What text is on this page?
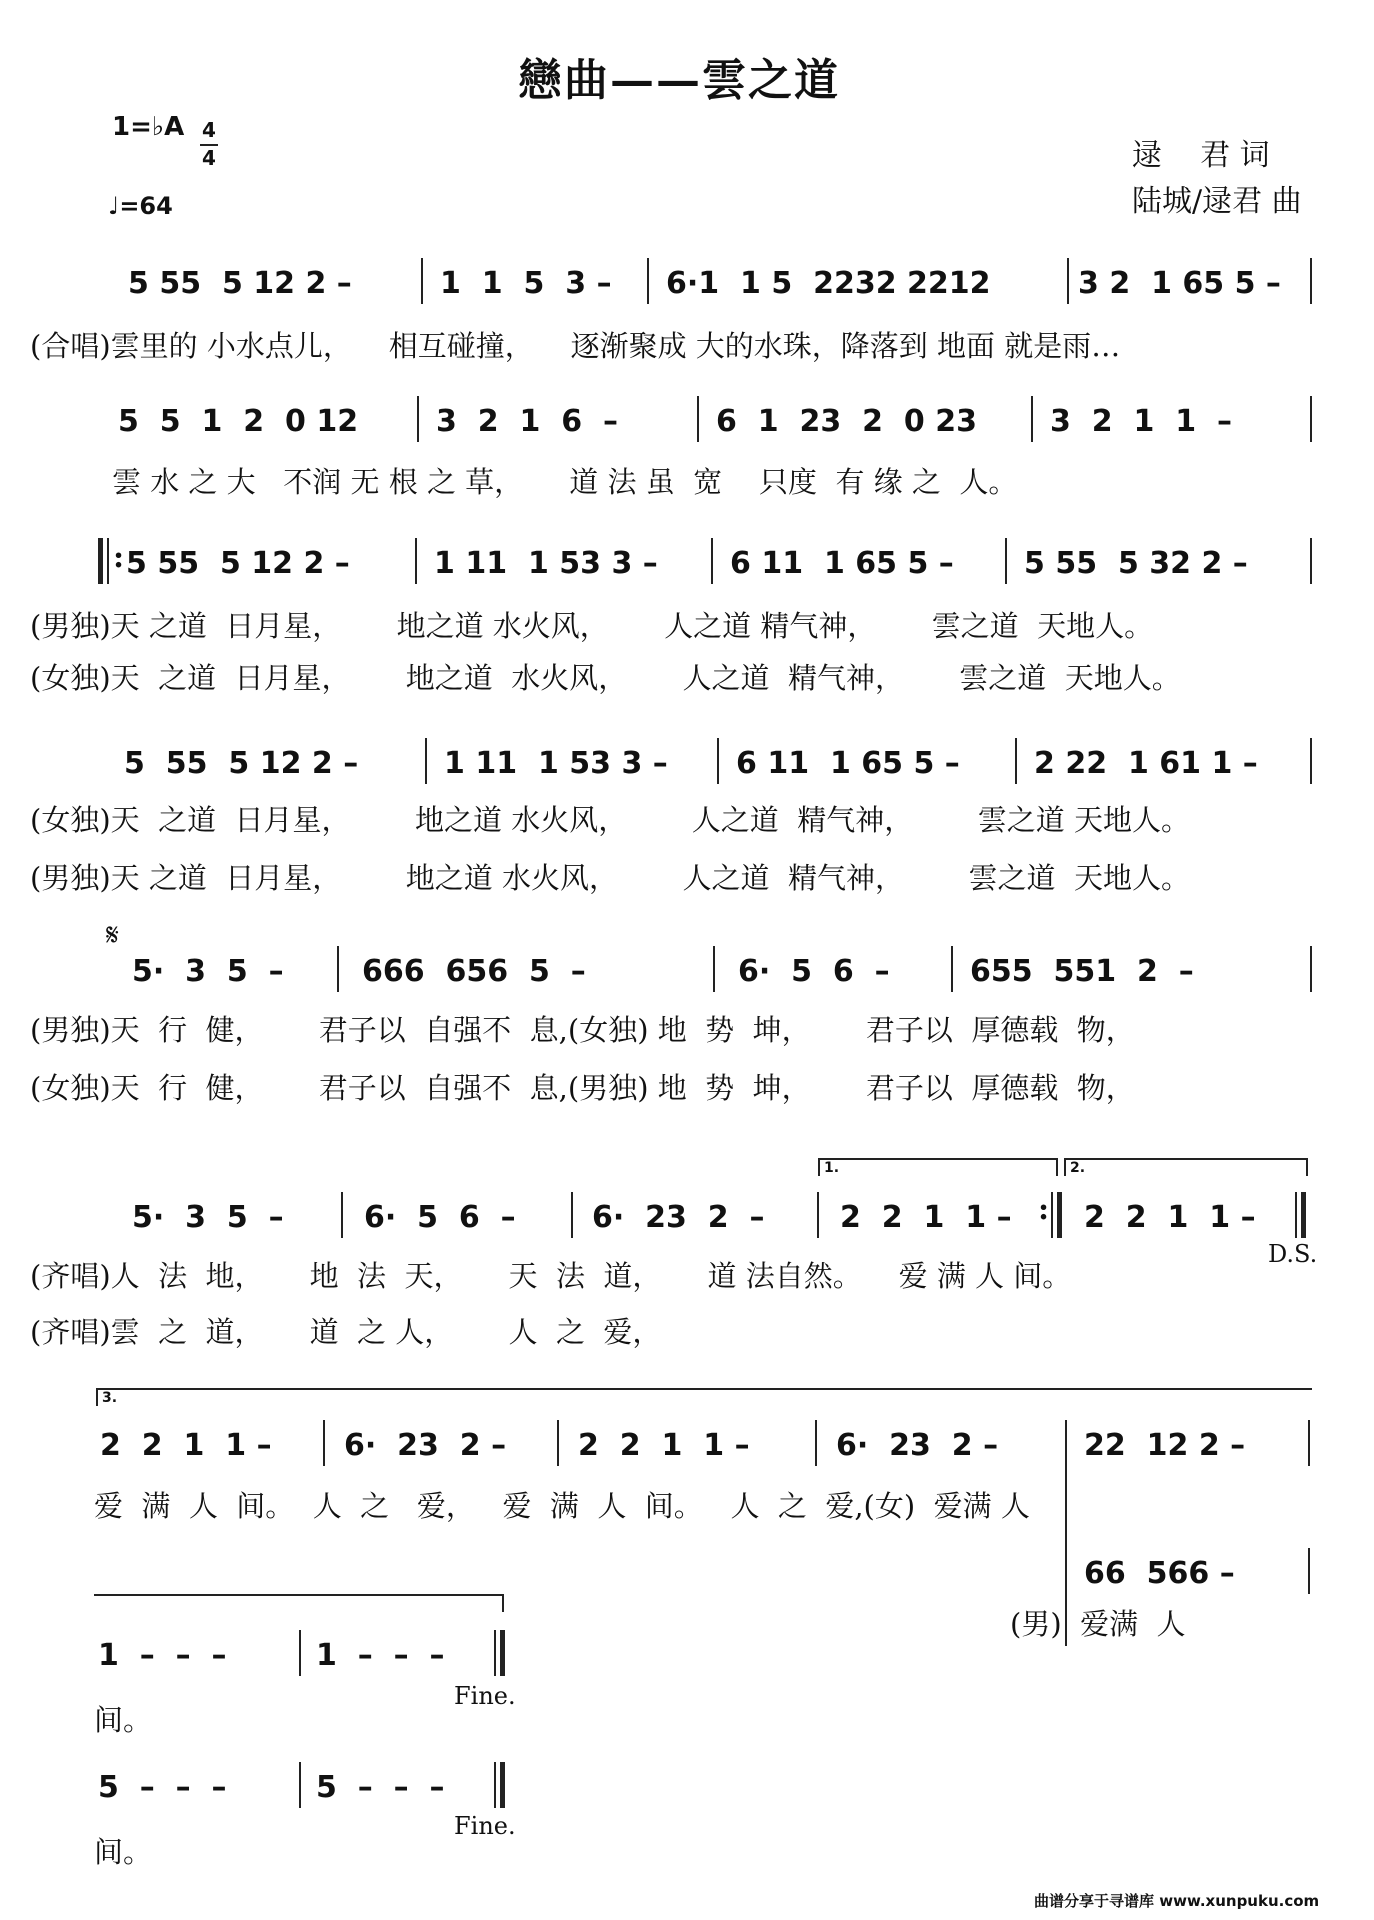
戀曲——雲之道
1=♭A 4
4
♩=64
逯    君 词
陆城/逯君 曲
5 55  5 12 2 –	1  1  5  3 – 6·1  1 5  2232 2212	3 2  1 65 5 –
(合唱)雲里的 小水点儿，    相互碰撞，    逐渐聚成 大的水珠，降落到 地面 就是雨…
5  5  1  2  0 12	3  2  1  6  –	6  1  23  2  0 23 3  2  1  1  –
雲 水 之 大   不润 无 根 之 草，     道 法 虽  宽    只度  有 缘 之  人。
: 5 55  5 12 2 –	1 11  1 53 3 – 6 11  1 65 5 – 5 55  5 32 2 –
(男独)天 之道  日月星，      地之道 水火风，      人之道 精气神，      雲之道  天地人。
(女独)天  之道  日月星，      地之道  水火风，      人之道  精气神，      雲之道  天地人。
5  55  5 12 2 –	1 11  1 53 3 – 6 11  1 65 5 – 2 22  1 61 1 –
(女独)天  之道  日月星，       地之道 水火风，       人之道  精气神，       雲之道 天地人。
(男独)天 之道  日月星，       地之道 水火风，       人之道  精气神，       雲之道  天地人。
𝄋
5·  3  5  –	666  656  5  –	6·  5  6  –	655  551  2  –
(男独)天  行  健，      君子以  自强不  息,(女独) 地  势  坤，      君子以  厚德载  物，
(女独)天  行  健，      君子以  自强不  息,(男独) 地  势  坤，      君子以  厚德载  物，
1.	2.
:
5·  3  5  –	6·  5  6  –	6·  23  2  –	2  2  1  1 – 2  2  1  1 –
D.S.
(齐唱)人  法  地，     地  法  天，     天  法  道，     道 法自然。    爱 满 人 间。
(齐唱)雲  之  道，     道  之 人，      人  之  爱，
3.
2  2  1  1 – 6·  23  2 – 2  2  1  1 –	6·  23  2 –	22  12 2 –
爱  满  人  间。  人  之   爱，   爱  满  人  间。   人  之  爱,(女)  爱满 人
66  566 –
(男)  爱满  人
1  –  –  –	1  –  –  –
Fine.
间。
5  –  –  –	5  –  –  –
Fine.
间。
曲谱分享于寻谱库 www.xunpuku.com
